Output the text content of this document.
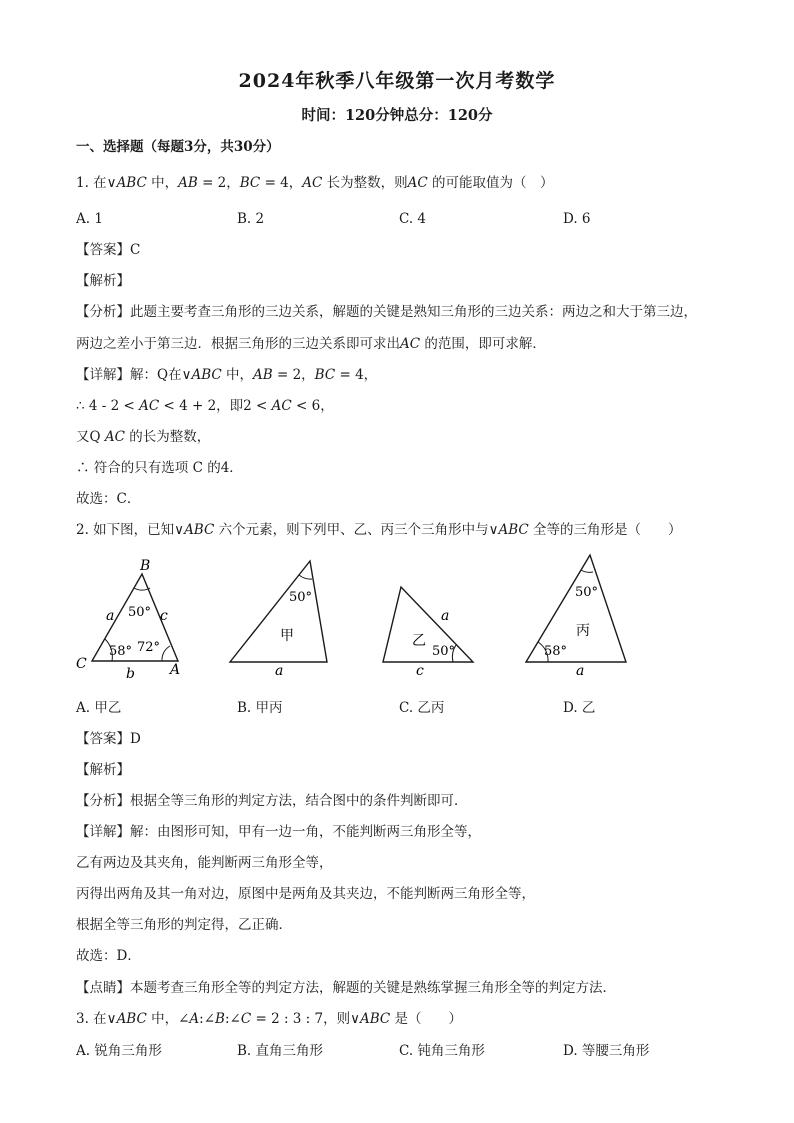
2024年秋季八年级第一次月考数学
时间：120分钟总分：120分
一、选择题（每题3分，共30分）
1. 在∨ABC 中，AB = 2，BC = 4，AC 长为整数，则AC 的可能取值为（　）
A. 1	B. 2	C. 4	D. 6
【答案】C
【解析】
【分析】此题主要考查三角形的三边关系，解题的关键是熟知三角形的三边关系：两边之和大于第三边，
两边之差小于第三边．根据三角形的三边关系即可求出AC 的范围，即可求解．
【详解】解：Q在∨ABC 中，AB = 2，BC = 4，
∴ 4 - 2 < AC < 4 + 2，即2 < AC < 6，
又Q AC 的长为整数，
∴ 符合的只有选项 C 的4．
故选：C．
2. 如下图，已知∨ABC 六个元素，则下列甲、乙、丙三个三角形中与∨ABC 全等的三角形是（　　）
B
C	A
a
b
c
50°
58° 72°
50°
甲
a
50°
乙
a
c
50°
58°
丙
a
A. 甲乙	B. 甲丙	C. 乙丙	D. 乙
【答案】D
【解析】
【分析】根据全等三角形的判定方法，结合图中的条件判断即可．
【详解】解：由图形可知，甲有一边一角，不能判断两三角形全等，
乙有两边及其夹角，能判断两三角形全等，
丙得出两角及其一角对边，原图中是两角及其夹边，不能判断两三角形全等，
根据全等三角形的判定得，乙正确．
故选：D．
【点睛】本题考查三角形全等的判定方法，解题的关键是熟练掌握三角形全等的判定方法．
3. 在∨ABC 中，∠A:∠B:∠C = 2 : 3 : 7，则∨ABC 是（　　）
A. 锐角三角形	B. 直角三角形	C. 钝角三角形	D. 等腰三角形
